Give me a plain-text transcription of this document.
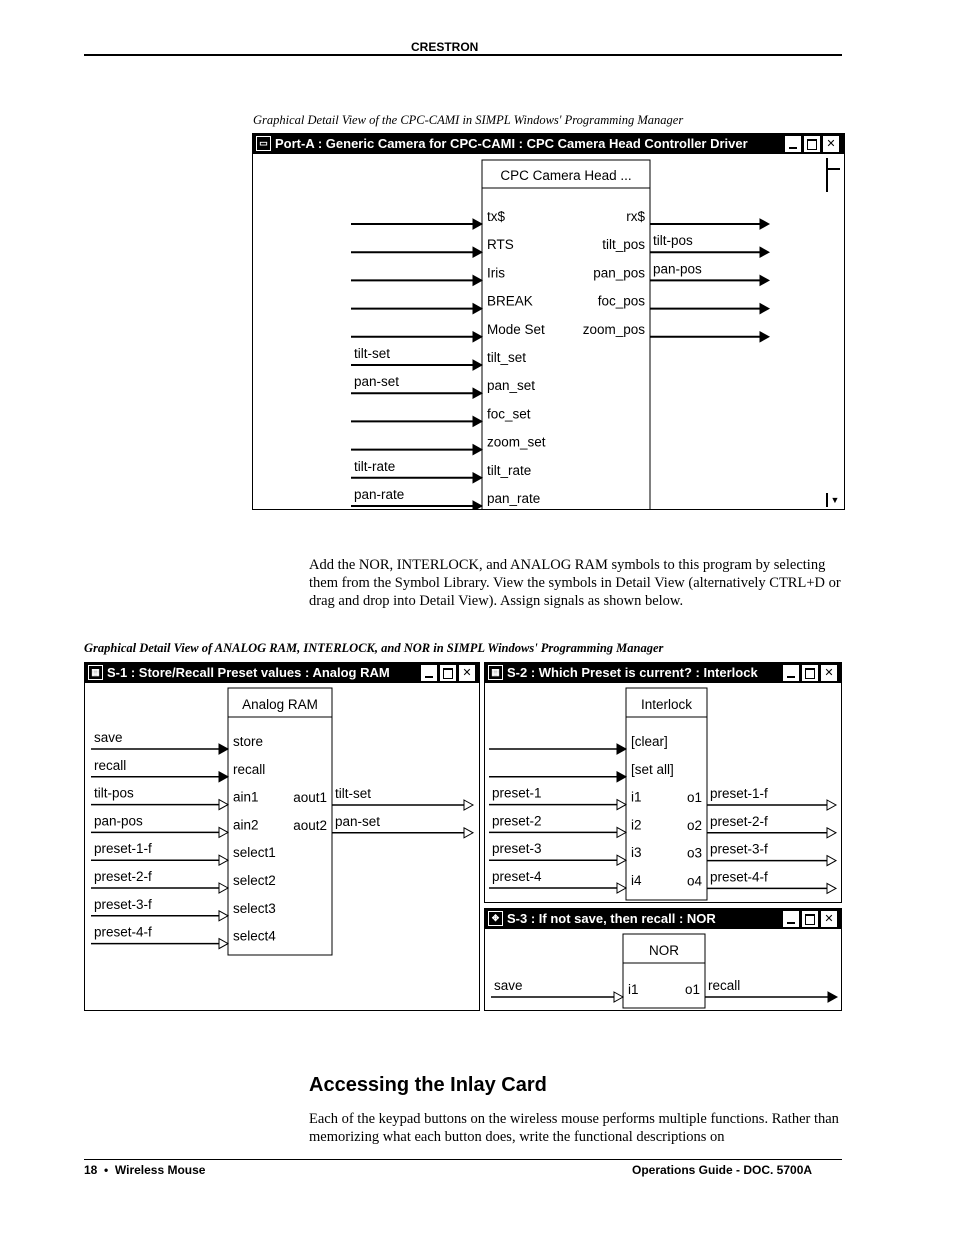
CRESTRON
Graphical Detail View of the CPC-CAMI in SIMPL Windows' Programming Manager
▭ Port-A : Generic Camera for CPC-CAMI : CPC Camera Head Controller Driver	✕
CPC Camera Head ...
tx$
RTS
Iris
BREAK
Mode Set
tilt_set
tilt-set
pan_set
pan-set
foc_set
zoom_set
tilt_rate
tilt-rate
pan_rate
pan-rate
rx$
tilt_pos tilt-pos
pan_pos pan-pos
foc_pos
zoom_pos
▼
Add the NOR, INTERLOCK, and ANALOG RAM symbols to this program by selecting them from the Symbol Library. View the symbols in Detail View (alternatively CTRL+D or drag and drop into Detail View). Assign signals as shown below.
Graphical Detail View of ANALOG RAM, INTERLOCK, and NOR in SIMPL Windows' Programming Manager
▦ S-1 : Store/Recall Preset values : Analog RAM	✕
Analog RAM
store
save
recall
recall
ain1
tilt-pos
ain2
pan-pos
select1
preset-1-f
select2
preset-2-f
select3
preset-3-f
select4
preset-4-f
aout1 tilt-set
aout2 pan-set
▦ S-2 : Which Preset is current? : Interlock	✕
Interlock
[clear]
[set all]
i1
preset-1
i2
preset-2
i3
preset-3
i4
preset-4
o1 preset-1-f
o2 preset-2-f
o3 preset-3-f
o4 preset-4-f
✥ S-3 : If not save, then recall : NOR	✕
NOR
i1
save	o1 recall
Accessing the Inlay Card
Each of the keypad buttons on the wireless mouse performs multiple functions. Rather than memorizing what each button does, write the functional descriptions on
18  •  Wireless Mouse	Operations Guide - DOC. 5700A
